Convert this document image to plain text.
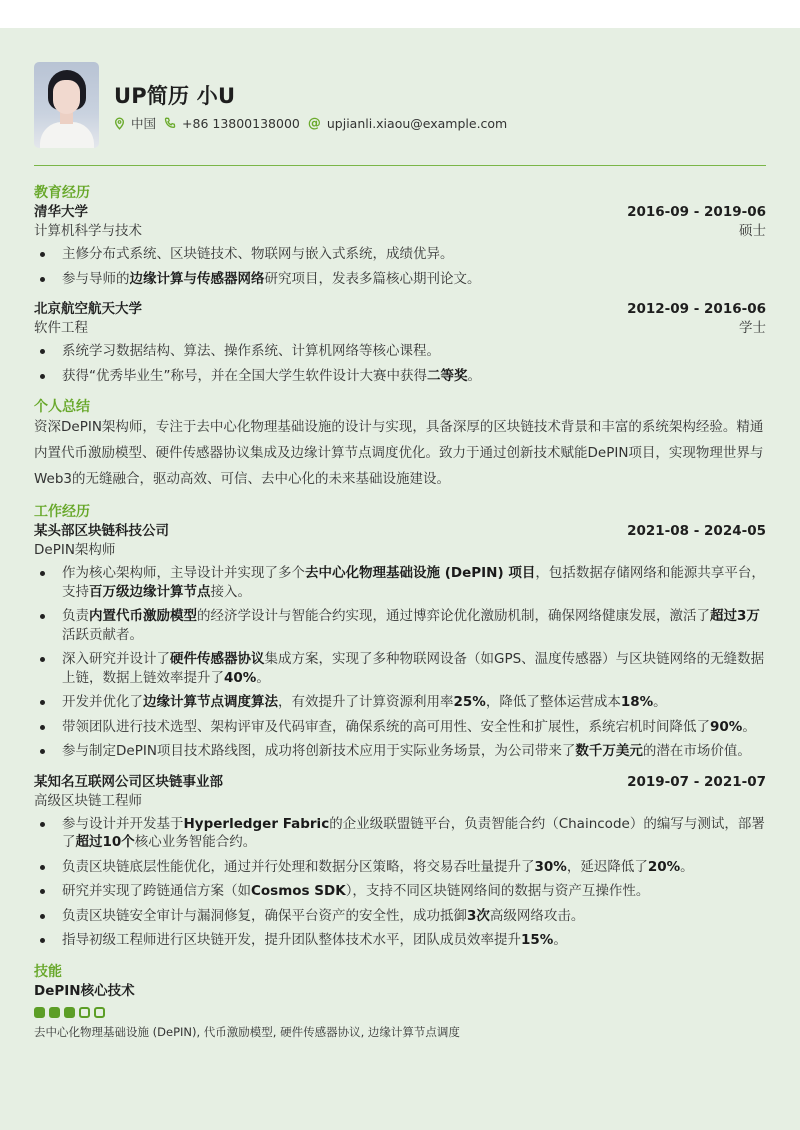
UP简历 小U
中国 +86 13800138000 @ upjianli.xiaou@example.com
教育经历
清华大学	2016-09 - 2019-06
计算机科学与技术	硕士
主修分布式系统、区块链技术、物联网与嵌入式系统，成绩优异。
参与导师的边缘计算与传感器网络研究项目，发表多篇核心期刊论文。
北京航空航天大学	2012-09 - 2016-06
软件工程	学士
系统学习数据结构、算法、操作系统、计算机网络等核心课程。
获得“优秀毕业生”称号，并在全国大学生软件设计大赛中获得二等奖。
个人总结

资深DePIN架构师，专注于去中心化物理基础设施的设计与实现，具备深厚的区块链技术背景和丰富的系统架构经验。精通内置代币激励模型、硬件传感器协议集成及边缘计算节点调度优化。致力于通过创新技术赋能DePIN项目，实现物理世界与Web3的无缝融合，驱动高效、可信、去中心化的未来基础设施建设。

工作经历
某头部区块链科技公司	2021-08 - 2024-05
DePIN架构师
作为核心架构师，主导设计并实现了多个去中心化物理基础设施 (DePIN) 项目，包括数据存储网络和能源共享平台，支持百万级边缘计算节点接入。
负责内置代币激励模型的经济学设计与智能合约实现，通过博弈论优化激励机制，确保网络健康发展，激活了超过3万活跃贡献者。
深入研究并设计了硬件传感器协议集成方案，实现了多种物联网设备（如GPS、温度传感器）与区块链网络的无缝数据上链，数据上链效率提升了40%。
开发并优化了边缘计算节点调度算法，有效提升了计算资源利用率25%，降低了整体运营成本18%。
带领团队进行技术选型、架构评审及代码审查，确保系统的高可用性、安全性和扩展性，系统宕机时间降低了90%。
参与制定DePIN项目技术路线图，成功将创新技术应用于实际业务场景，为公司带来了数千万美元的潜在市场价值。
某知名互联网公司区块链事业部	2019-07 - 2021-07
高级区块链工程师
参与设计并开发基于Hyperledger Fabric的企业级联盟链平台，负责智能合约（Chaincode）的编写与测试，部署了超过10个核心业务智能合约。
负责区块链底层性能优化，通过并行处理和数据分区策略，将交易吞吐量提升了30%，延迟降低了20%。
研究并实现了跨链通信方案（如Cosmos SDK），支持不同区块链网络间的数据与资产互操作性。
负责区块链安全审计与漏洞修复，确保平台资产的安全性，成功抵御3次高级网络攻击。
指导初级工程师进行区块链开发，提升团队整体技术水平，团队成员效率提升15%。
技能
DePIN核心技术
去中心化物理基础设施 (DePIN), 代币激励模型, 硬件传感器协议, 边缘计算节点调度
